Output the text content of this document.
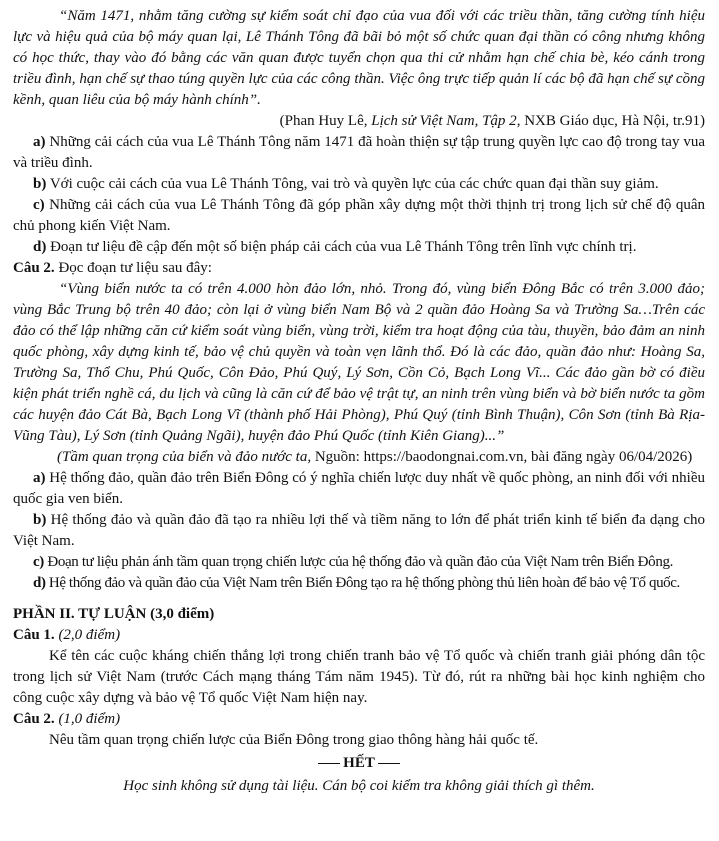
“Năm 1471, nhằm tăng cường sự kiểm soát chỉ đạo của vua đối với các triều thần, tăng cường tính hiệu lực và hiệu quả của bộ máy quan lại, Lê Thánh Tông đã bãi bỏ một số chức quan đại thần có công nhưng không có học thức, thay vào đó bằng các văn quan được tuyển chọn qua thi cử nhằm hạn chế chia bè, kéo cánh trong triều đình, hạn chế sự thao túng quyền lực của các công thần. Việc ông trực tiếp quản lí các bộ đã hạn chế sự cồng kềnh, quan liêu của bộ máy hành chính”.

(Phan Huy Lê, Lịch sử Việt Nam, Tập 2, NXB Giáo dục, Hà Nội, tr.91)

a) Những cải cách của vua Lê Thánh Tông năm 1471 đã hoàn thiện sự tập trung quyền lực cao độ trong tay vua và triều đình.

b) Với cuộc cải cách của vua Lê Thánh Tông, vai trò và quyền lực của các chức quan đại thần suy giảm.

c) Những cải cách của vua Lê Thánh Tông đã góp phần xây dựng một thời thịnh trị trong lịch sử chế độ quân chủ phong kiến Việt Nam.

d) Đoạn tư liệu đề cập đến một số biện pháp cải cách của vua Lê Thánh Tông trên lĩnh vực chính trị.

Câu 2. Đọc đoạn tư liệu sau đây:

“Vùng biển nước ta có trên 4.000 hòn đảo lớn, nhỏ. Trong đó, vùng biển Đông Bắc có trên 3.000 đảo; vùng Bắc Trung bộ trên 40 đảo; còn lại ở vùng biển Nam Bộ và 2 quần đảo Hoàng Sa và Trường Sa…Trên các đảo có thể lập những căn cứ kiểm soát vùng biển, vùng trời, kiểm tra hoạt động của tàu, thuyền, bảo đảm an ninh quốc phòng, xây dựng kinh tế, bảo vệ chủ quyền và toàn vẹn lãnh thổ. Đó là các đảo, quần đảo như: Hoàng Sa, Trường Sa, Thổ Chu, Phú Quốc, Côn Đảo, Phú Quý, Lý Sơn, Cồn Cỏ, Bạch Long Vĩ... Các đảo gần bờ có điều kiện phát triển nghề cá, du lịch và cũng là căn cứ để bảo vệ trật tự, an ninh trên vùng biển và bờ biển nước ta gồm các huyện đảo Cát Bà, Bạch Long Vĩ (thành phố Hải Phòng), Phú Quý (tỉnh Bình Thuận), Côn Sơn (tỉnh Bà Rịa-Vũng Tàu), Lý Sơn (tỉnh Quảng Ngãi), huyện đảo Phú Quốc (tỉnh Kiên Giang)...”

(Tầm quan trọng của biển và đảo nước ta, Nguồn: https://baodongnai.com.vn, bài đăng ngày 06/04/2026)

a) Hệ thống đảo, quần đảo trên Biển Đông có ý nghĩa chiến lược duy nhất về quốc phòng, an ninh đối với nhiều quốc gia ven biển.

b) Hệ thống đảo và quần đảo đã tạo ra nhiều lợi thế và tiềm năng to lớn để phát triển kinh tế biển đa dạng cho Việt Nam.

c) Đoạn tư liệu phản ánh tầm quan trọng chiến lược của hệ thống đảo và quần đảo của Việt Nam trên Biển Đông.

d) Hệ thống đảo và quần đảo của Việt Nam trên Biển Đông tạo ra hệ thống phòng thủ liên hoàn để bảo vệ Tổ quốc.

PHẦN II. TỰ LUẬN (3,0 điểm)

Câu 1. (2,0 điểm)

Kể tên các cuộc kháng chiến thắng lợi trong chiến tranh bảo vệ Tổ quốc và chiến tranh giải phóng dân tộc trong lịch sử Việt Nam (trước Cách mạng tháng Tám năm 1945). Từ đó, rút ra những bài học kinh nghiệm cho công cuộc xây dựng và bảo vệ Tổ quốc Việt Nam hiện nay.

Câu 2. (1,0 điểm)

Nêu tầm quan trọng chiến lược của Biển Đông trong giao thông hàng hải quốc tế.

HẾT

Học sinh không sử dụng tài liệu. Cán bộ coi kiểm tra không giải thích gì thêm.
